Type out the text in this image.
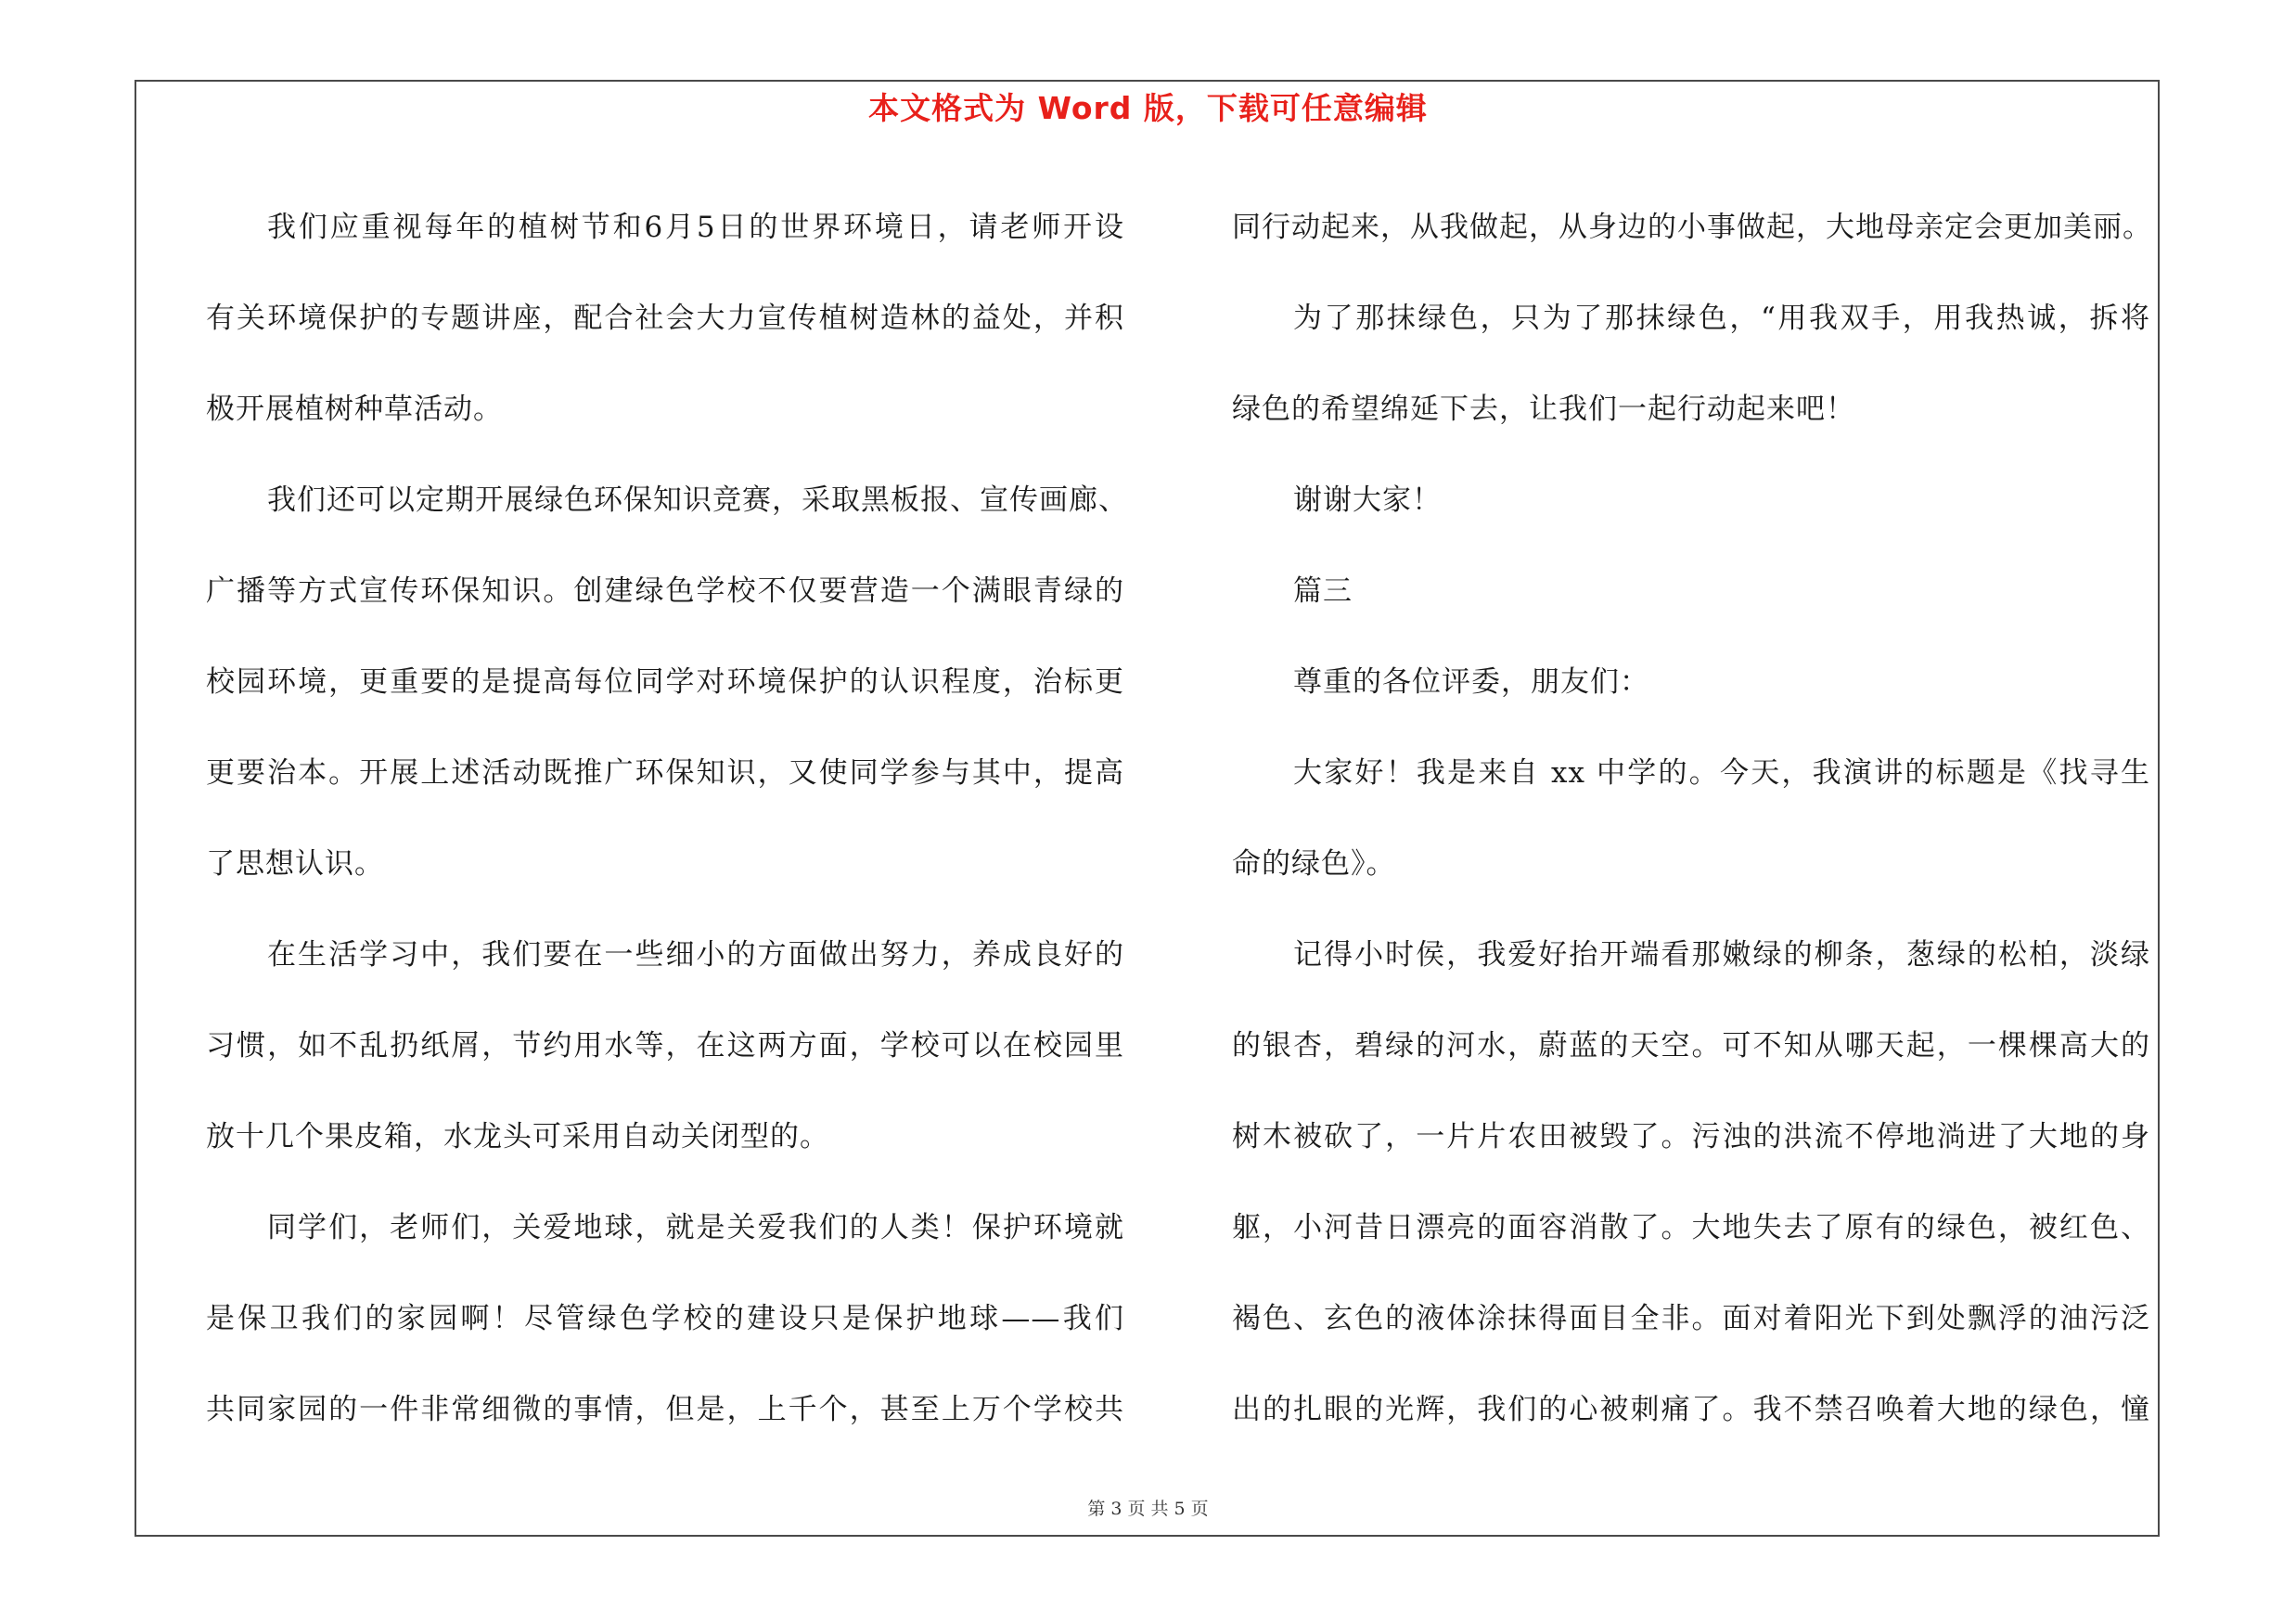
本文格式为 Word 版，下载可任意编辑
我们应重视每年的植树节和6月5日的世界环境日，请老师开设
有关环境保护的专题讲座，配合社会大力宣传植树造林的益处，并积
极开展植树种草活动。
我们还可以定期开展绿色环保知识竞赛，采取黑板报、宣传画廊、
广播等方式宣传环保知识。创建绿色学校不仅要营造一个满眼青绿的
校园环境，更重要的是提高每位同学对环境保护的认识程度，治标更
更要治本。开展上述活动既推广环保知识，又使同学参与其中，提高
了思想认识。
在生活学习中，我们要在一些细小的方面做出努力，养成良好的
习惯，如不乱扔纸屑，节约用水等，在这两方面，学校可以在校园里
放十几个果皮箱，水龙头可采用自动关闭型的。
同学们，老师们，关爱地球，就是关爱我们的人类！保护环境就
是保卫我们的家园啊！尽管绿色学校的建设只是保护地球——我们
共同家园的一件非常细微的事情，但是，上千个，甚至上万个学校共
同行动起来，从我做起，从身边的小事做起，大地母亲定会更加美丽。
为了那抹绿色，只为了那抹绿色，“用我双手，用我热诚，拆将
绿色的希望绵延下去，让我们一起行动起来吧！
谢谢大家！
篇三
尊重的各位评委，朋友们：
大家好！我是来自 xx 中学的。今天，我演讲的标题是《找寻生
命的绿色》。
记得小时侯，我爱好抬开端看那嫩绿的柳条，葱绿的松柏，淡绿
的银杏，碧绿的河水，蔚蓝的天空。可不知从哪天起，一棵棵高大的
树木被砍了，一片片农田被毁了。污浊的洪流不停地淌进了大地的身
躯，小河昔日漂亮的面容消散了。大地失去了原有的绿色，被红色、
褐色、玄色的液体涂抹得面目全非。面对着阳光下到处飘浮的油污泛
出的扎眼的光辉，我们的心被刺痛了。我不禁召唤着大地的绿色，憧
第 3 页 共 5 页
